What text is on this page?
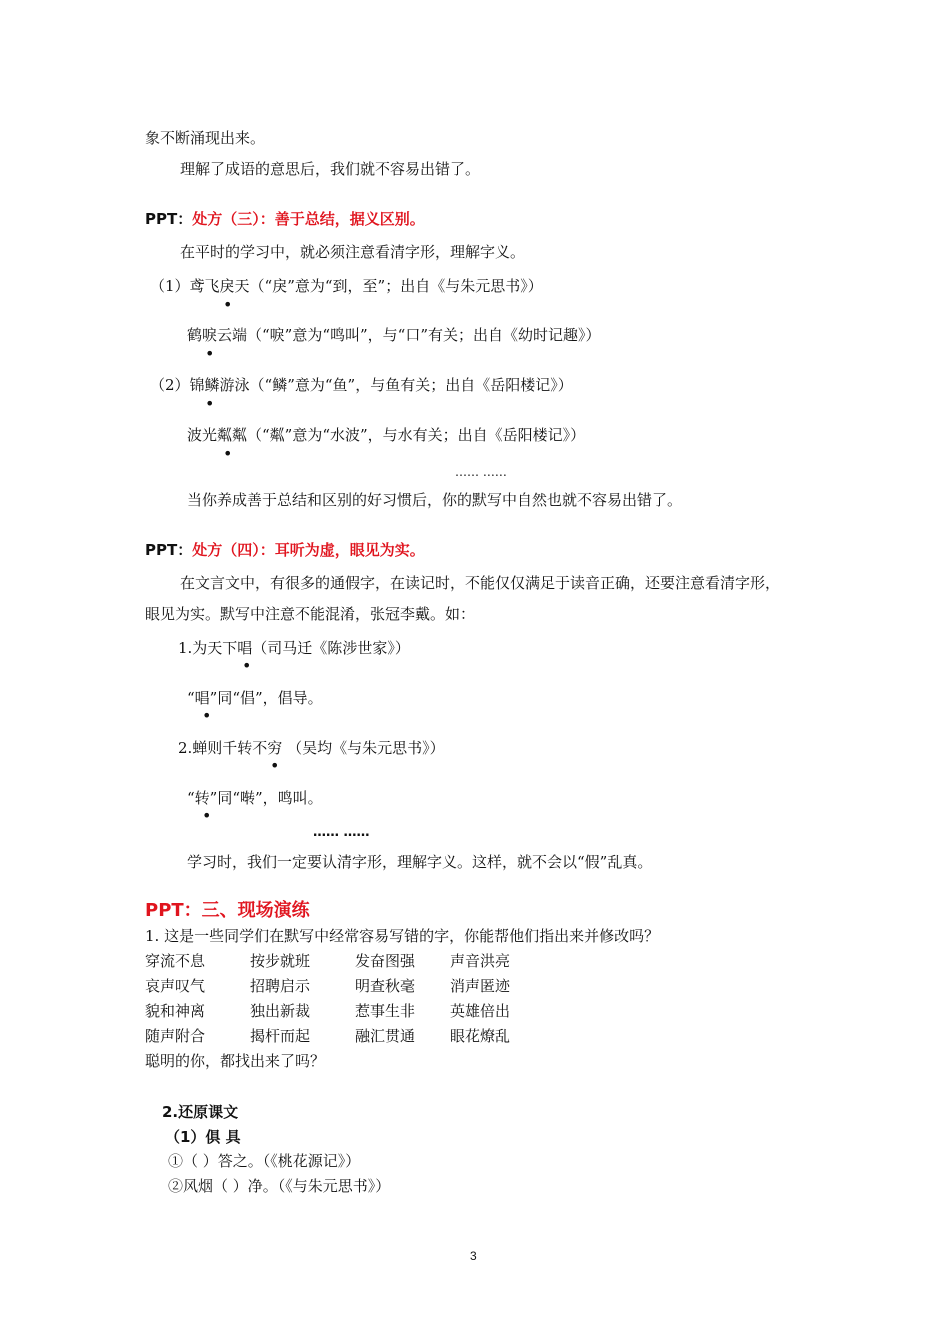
象不断涌现出来。
理解了成语的意思后，我们就不容易出错了。
PPT：处方（三）：善于总结，据义区别。
在平时的学习中，就必须注意看清字形，理解字义。
（1）鸢飞戾天（“戾”意为“到，至”；出自《与朱元思书》）
•
鹤唳云端（“唳”意为“鸣叫”，与“口”有关；出自《幼时记趣》）
•
（2）锦鳞游泳（“鳞”意为“鱼”，与鱼有关；出自《岳阳楼记》）
•
波光粼粼（“粼”意为“水波”，与水有关；出自《岳阳楼记》）
•
…… ……
当你养成善于总结和区别的好习惯后，你的默写中自然也就不容易出错了。
PPT：处方（四）：耳听为虚，眼见为实。
在文言文中，有很多的通假字，在读记时，不能仅仅满足于读音正确，还要注意看清字形，
眼见为实。默写中注意不能混淆，张冠李戴。如：
1.为天下唱（司马迁《陈涉世家》）
•
“唱”同“倡”，倡导。
•
2.蝉则千转不穷 （吴均《与朱元思书》）
•
“转”同“啭”，鸣叫。
•
…… ……
学习时，我们一定要认清字形，理解字义。这样，就不会以“假”乱真。
PPT：三、现场演练
1. 这是一些同学们在默写中经常容易写错的字，你能帮他们指出来并修改吗？
穿流不息	按步就班	发奋图强 声音洪亮
哀声叹气	招聘启示	明查秋毫 消声匿迹
貌和神离	独出新裁	惹事生非 英雄倍出
随声附合	揭杆而起	融汇贯通 眼花燎乱
聪明的你，都找出来了吗？
2.还原课文
（1）俱 具
①（ ）答之。（《桃花源记》）
②风烟（ ）净。（《与朱元思书》）
3
